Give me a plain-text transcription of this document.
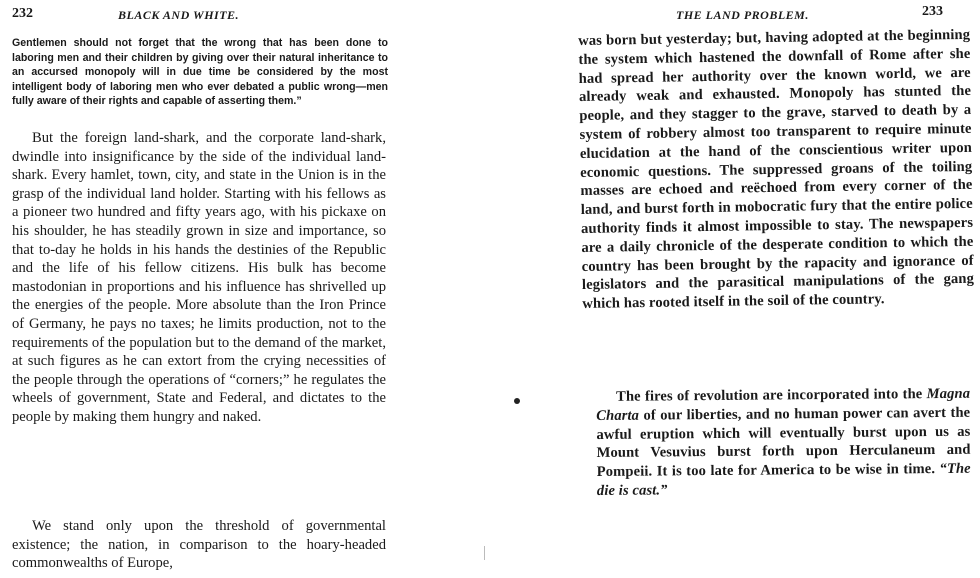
232	BLACK AND WHITE.
Gentlemen should not forget that the wrong that has been done to laboring men and their children by giving over their natural inheritance to an accursed monopoly will in due time be considered by the most intelligent body of laboring men who ever debated a public wrong—men fully aware of their rights and capable of asserting them.”

But the foreign land-shark, and the corporate land-shark, dwindle into insignificance by the side of the individual land-shark. Every hamlet, town, city, and state in the Union is in the grasp of the individual land holder. Starting with his fellows as a pioneer two hundred and fifty years ago, with his pickaxe on his shoulder, he has steadily grown in size and importance, so that to-day he holds in his hands the destinies of the Republic and the life of his fellow citizens. His bulk has become mastodonian in proportions and his influence has shrivelled up the energies of the people. More absolute than the Iron Prince of Germany, he pays no taxes; he limits production, not to the requirements of the population but to the demand of the market, at such figures as he can extort from the crying necessities of the people through the operations of “corners;” he regulates the wheels of government, State and Federal, and dictates to the people by making them hungry and naked.

We stand only upon the threshold of governmental existence; the nation, in comparison to the hoary-headed commonwealths of Europe,

233
THE LAND PROBLEM.

was born but yesterday; but, having adopted at the beginning the system which hastened the downfall of Rome after she had spread her authority over the known world, we are already weak and exhausted. Monopoly has stunted the people, and they stagger to the grave, starved to death by a system of robbery almost too transparent to require minute elucidation at the hand of the conscientious writer upon economic questions. The suppressed groans of the toiling masses are echoed and reëchoed from every corner of the land, and burst forth in mobocratic fury that the entire police authority finds it almost impossible to stay. The newspapers are a daily chronicle of the desperate condition to which the country has been brought by the rapacity and ignorance of legislators and the parasitical manipulations of the gang which has rooted itself in the soil of the country.

The fires of revolution are incorporated into the Magna Charta of our liberties, and no human power can avert the awful eruption which will eventually burst upon us as Mount Vesuvius burst forth upon Herculaneum and Pompeii. It is too late for America to be wise in time. “The die is cast.”
